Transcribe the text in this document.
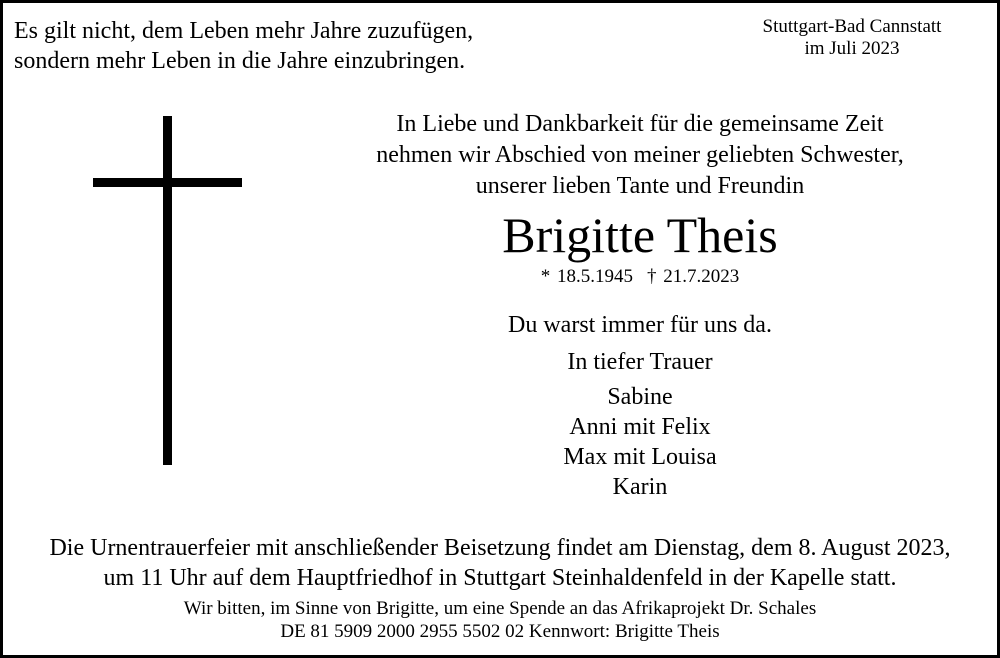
Es gilt nicht, dem Leben mehr Jahre zuzufügen,
sondern mehr Leben in die Jahre einzubringen.
Stuttgart-Bad Cannstatt
im Juli 2023
In Liebe und Dankbarkeit für die gemeinsame Zeit
nehmen wir Abschied von meiner geliebten Schwester,
unserer lieben Tante und Freundin
Brigitte Theis
* 18.5.1945 † 21.7.2023
Du warst immer für uns da.
In tiefer Trauer
Sabine
Anni mit Felix
Max mit Louisa
Karin
Die Urnentrauerfeier mit anschließender Beisetzung findet am Dienstag, dem 8. August 2023,
um 11 Uhr auf dem Hauptfriedhof in Stuttgart Steinhaldenfeld in der Kapelle statt.
Wir bitten, im Sinne von Brigitte, um eine Spende an das Afrikaprojekt Dr. Schales
DE 81 5909 2000 2955 5502 02 Kennwort: Brigitte Theis
